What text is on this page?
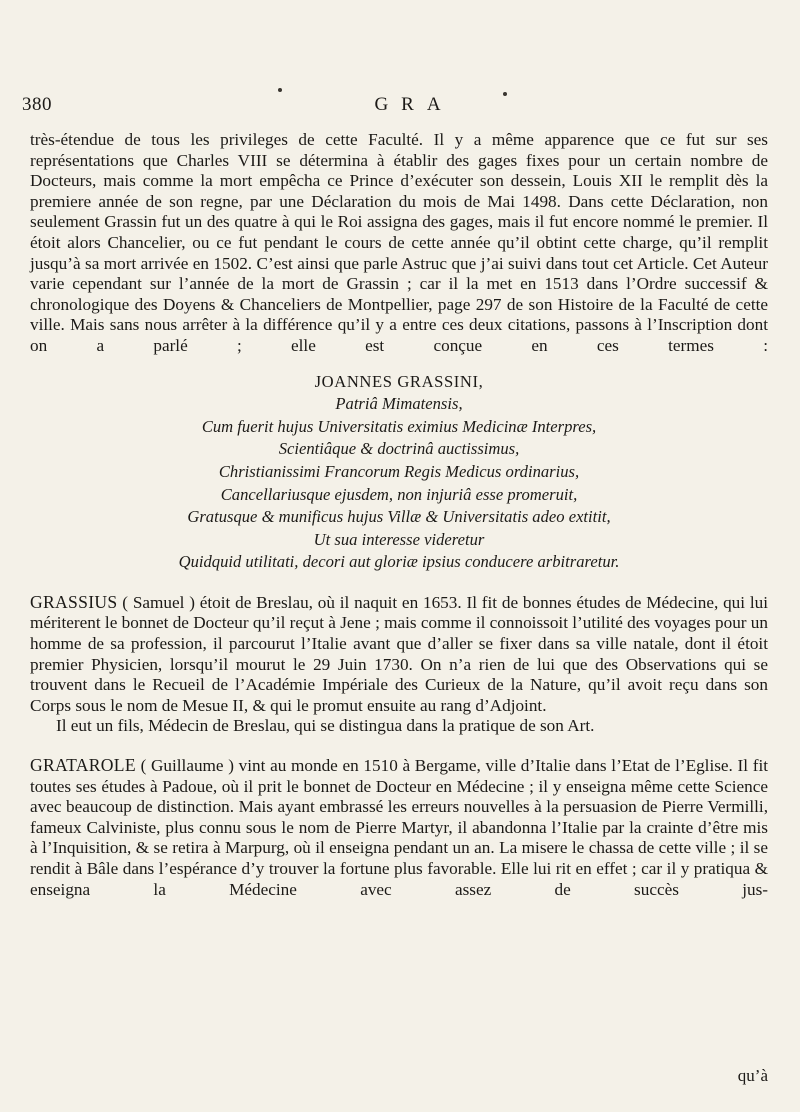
380	GRA

très-étendue de tous les privileges de cette Faculté. Il y a même apparence que ce fut sur ses représentations que Charles VIII se détermina à établir des gages fixes pour un certain nombre de Docteurs, mais comme la mort empêcha ce Prince d’exécuter son dessein, Louis XII le remplit dès la premiere année de son regne, par une Déclaration du mois de Mai 1498. Dans cette Déclaration, non seulement Grassin fut un des quatre à qui le Roi assigna des gages, mais il fut encore nommé le premier. Il étoit alors Chancelier, ou ce fut pendant le cours de cette année qu’il obtint cette charge, qu’il remplit jusqu’à sa mort arrivée en 1502. C’est ainsi que parle Astruc que j’ai suivi dans tout cet Article. Cet Auteur varie cependant sur l’année de la mort de Grassin ; car il la met en 1513 dans l’Ordre successif & chronologique des Doyens & Chanceliers de Montpellier, page 297 de son Histoire de la Faculté de cette ville. Mais sans nous arrêter à la différence qu’il y a entre ces deux citations, passons à l’Inscription dont on a parlé ; elle est conçue en ces termes :

JOANNES GRASSINI,
Patriâ Mimatensis,
Cum fuerit hujus Universitatis eximius Medicinæ Interpres,
Scientiâque & doctrinâ auctissimus,
Christianissimi Francorum Regis Medicus ordinarius,
Cancellariusque ejusdem, non injuriâ esse promeruit,
Gratusque & munificus hujus Villæ & Universitatis adeo extitit,
Ut sua interesse videretur
Quidquid utilitati, decori aut gloriæ ipsius conducere arbitraretur.

GRASSIUS ( Samuel ) étoit de Breslau, où il naquit en 1653. Il fit de bonnes études de Médecine, qui lui mériterent le bonnet de Docteur qu’il reçut à Jene ; mais comme il connoissoit l’utilité des voyages pour un homme de sa profession, il parcourut l’Italie avant que d’aller se fixer dans sa ville natale, dont il étoit premier Physicien, lorsqu’il mourut le 29 Juin 1730. On n’a rien de lui que des Observations qui se trouvent dans le Recueil de l’Académie Impériale des Curieux de la Nature, qu’il avoit reçu dans son Corps sous le nom de Mesue II, & qui le promut ensuite au rang d’Adjoint.

Il eut un fils, Médecin de Breslau, qui se distingua dans la pratique de son Art.

GRATAROLE ( Guillaume ) vint au monde en 1510 à Bergame, ville d’Italie dans l’Etat de l’Eglise. Il fit toutes ses études à Padoue, où il prit le bonnet de Docteur en Médecine ; il y enseigna même cette Science avec beaucoup de distinction. Mais ayant embrassé les erreurs nouvelles à la persuasion de Pierre Vermilli, fameux Calviniste, plus connu sous le nom de Pierre Martyr, il abandonna l’Italie par la crainte d’être mis à l’Inquisition, & se retira à Marpurg, où il enseigna pendant un an. La misere le chassa de cette ville ; il se rendit à Bâle dans l’espérance d’y trouver la fortune plus favorable. Elle lui rit en effet ; car il y pratiqua & enseigna la Médecine avec assez de succès jus-

qu’à
